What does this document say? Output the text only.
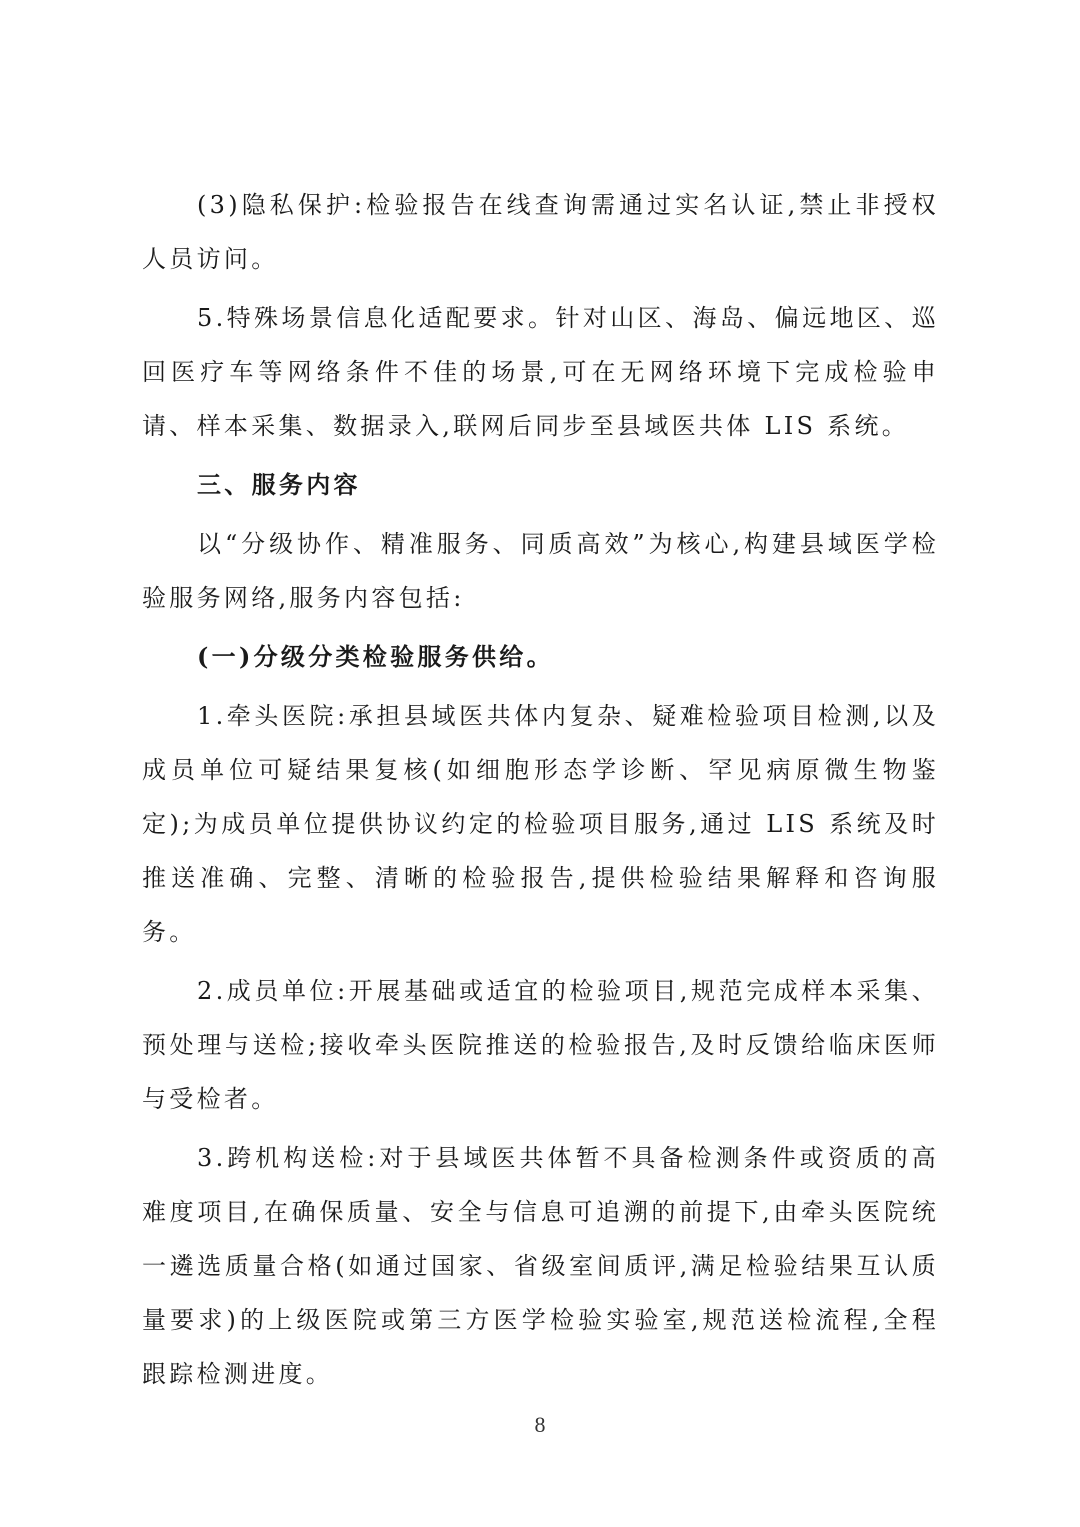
(3)隐私保护:检验报告在线查询需通过实名认证,禁止非授权人员访问。

5.特殊场景信息化适配要求。针对山区、海岛、偏远地区、巡回医疗车等网络条件不佳的场景,可在无网络环境下完成检验申请、样本采集、数据录入,联网后同步至县域医共体 LIS 系统。

三、服务内容

以“分级协作、精准服务、同质高效”为核心,构建县域医学检验服务网络,服务内容包括:

(一)分级分类检验服务供给。

1.牵头医院:承担县域医共体内复杂、疑难检验项目检测,以及成员单位可疑结果复核(如细胞形态学诊断、罕见病原微生物鉴定);为成员单位提供协议约定的检验项目服务,通过 LIS 系统及时推送准确、完整、清晰的检验报告,提供检验结果解释和咨询服务。

2.成员单位:开展基础或适宜的检验项目,规范完成样本采集、预处理与送检;接收牵头医院推送的检验报告,及时反馈给临床医师与受检者。

3.跨机构送检:对于县域医共体暂不具备检测条件或资质的高难度项目,在确保质量、安全与信息可追溯的前提下,由牵头医院统一遴选质量合格(如通过国家、省级室间质评,满足检验结果互认质量要求)的上级医院或第三方医学检验实验室,规范送检流程,全程跟踪检测进度。

8
